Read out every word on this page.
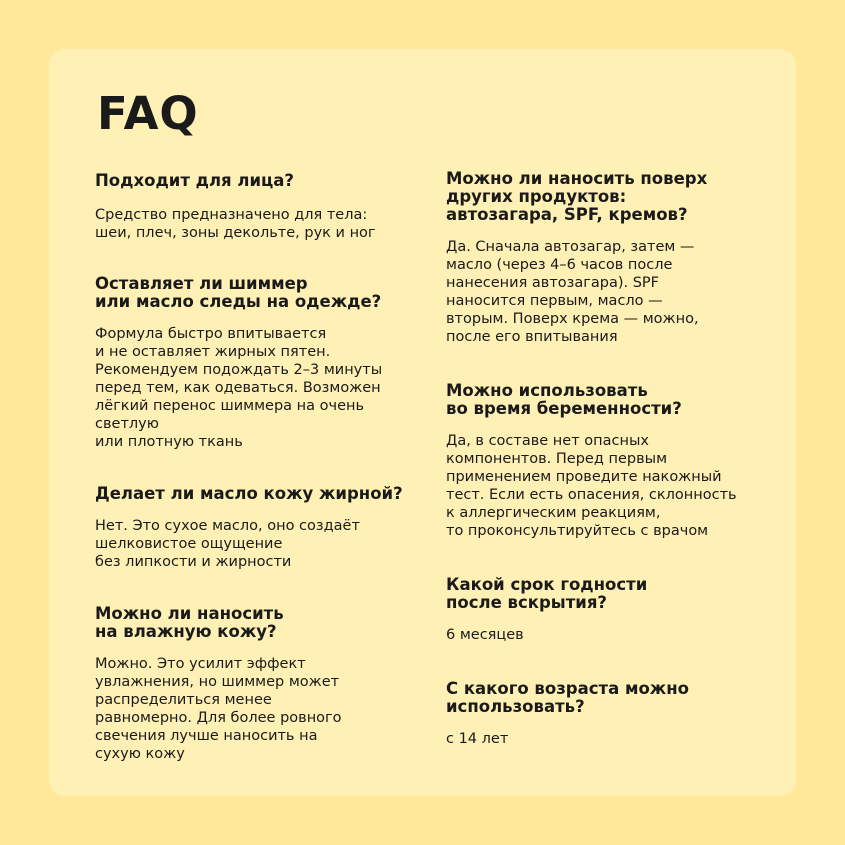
FAQ

Подходит для лица?

Средство предназначено для тела:
шеи, плеч, зоны декольте, рук и ног

Оставляет ли шиммер
или масло следы на одежде?

Формула быстро впитывается
и не оставляет жирных пятен.
Рекомендуем подождать 2–3 минуты
перед тем, как одеваться. Возможен
лёгкий перенос шиммера на очень
светлую
или плотную ткань

Делает ли масло кожу жирной?

Нет. Это сухое масло, оно создаёт
шелковистое ощущение
без липкости и жирности

Можно ли наносить
на влажную кожу?

Можно. Это усилит эффект
увлажнения, но шиммер может
распределиться менее
равномерно. Для более ровного
свечения лучше наносить на
сухую кожу

Можно ли наносить поверх
других продуктов:
автозагара, SPF, кремов?

Да. Сначала автозагар, затем —
масло (через 4–6 часов после
нанесения автозагара). SPF
наносится первым, масло —
вторым. Поверх крема — можно,
после его впитывания

Можно использовать
во время беременности?

Да, в составе нет опасных
компонентов. Перед первым
применением проведите накожный
тест. Если есть опасения, склонность
к аллергическим реакциям,
то проконсультируйтесь с врачом

Какой срок годности
после вскрытия?

6 месяцев

С какого возраста можно
использовать?

с 14 лет
